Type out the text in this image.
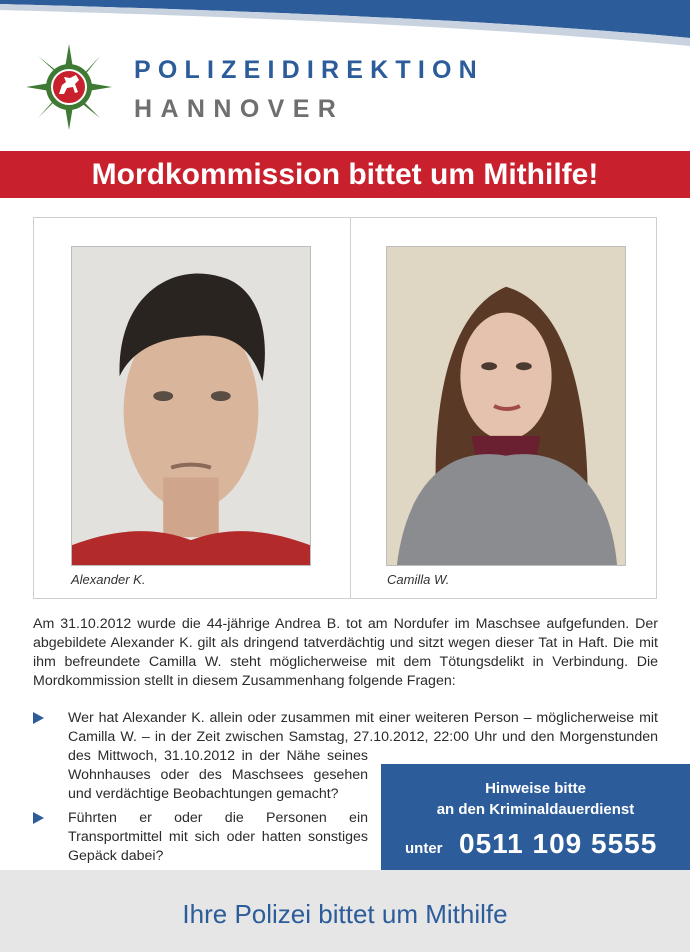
POLIZEIDIREKTION
HANNOVER
Mordkommission bittet um Mithilfe!
Alexander K.	Camilla W.

Am 31.10.2012 wurde die 44-jährige Andrea B. tot am Nordufer im Maschsee aufgefunden. Der abgebildete Alexander K. gilt als dringend tatverdächtig und sitzt wegen dieser Tat in Haft. Die mit ihm befreundete Camilla W. steht möglicherweise mit dem Tötungsdelikt in Verbindung. Die Mordkommission stellt in diesem Zusammenhang folgende Fragen:

Wer hat Alexander K. allein oder zusammen mit einer weiteren Person – möglicherweise mit
Camilla W. – in der Zeit zwischen Samstag, 27.10.2012, 22:00 Uhr und den Morgenstunden
des Mittwoch, 31.10.2012 in der Nähe seines Wohnhauses oder des Maschsees gesehen und verdächtige Beobachtungen gemacht?
Führten er oder die Personen ein Transportmittel mit sich oder hatten sonstiges Gepäck dabei?
Hinweise bitte
an den Kriminaldauerdienst
unter 0511 109 5555
Ihre Polizei bittet um Mithilfe
